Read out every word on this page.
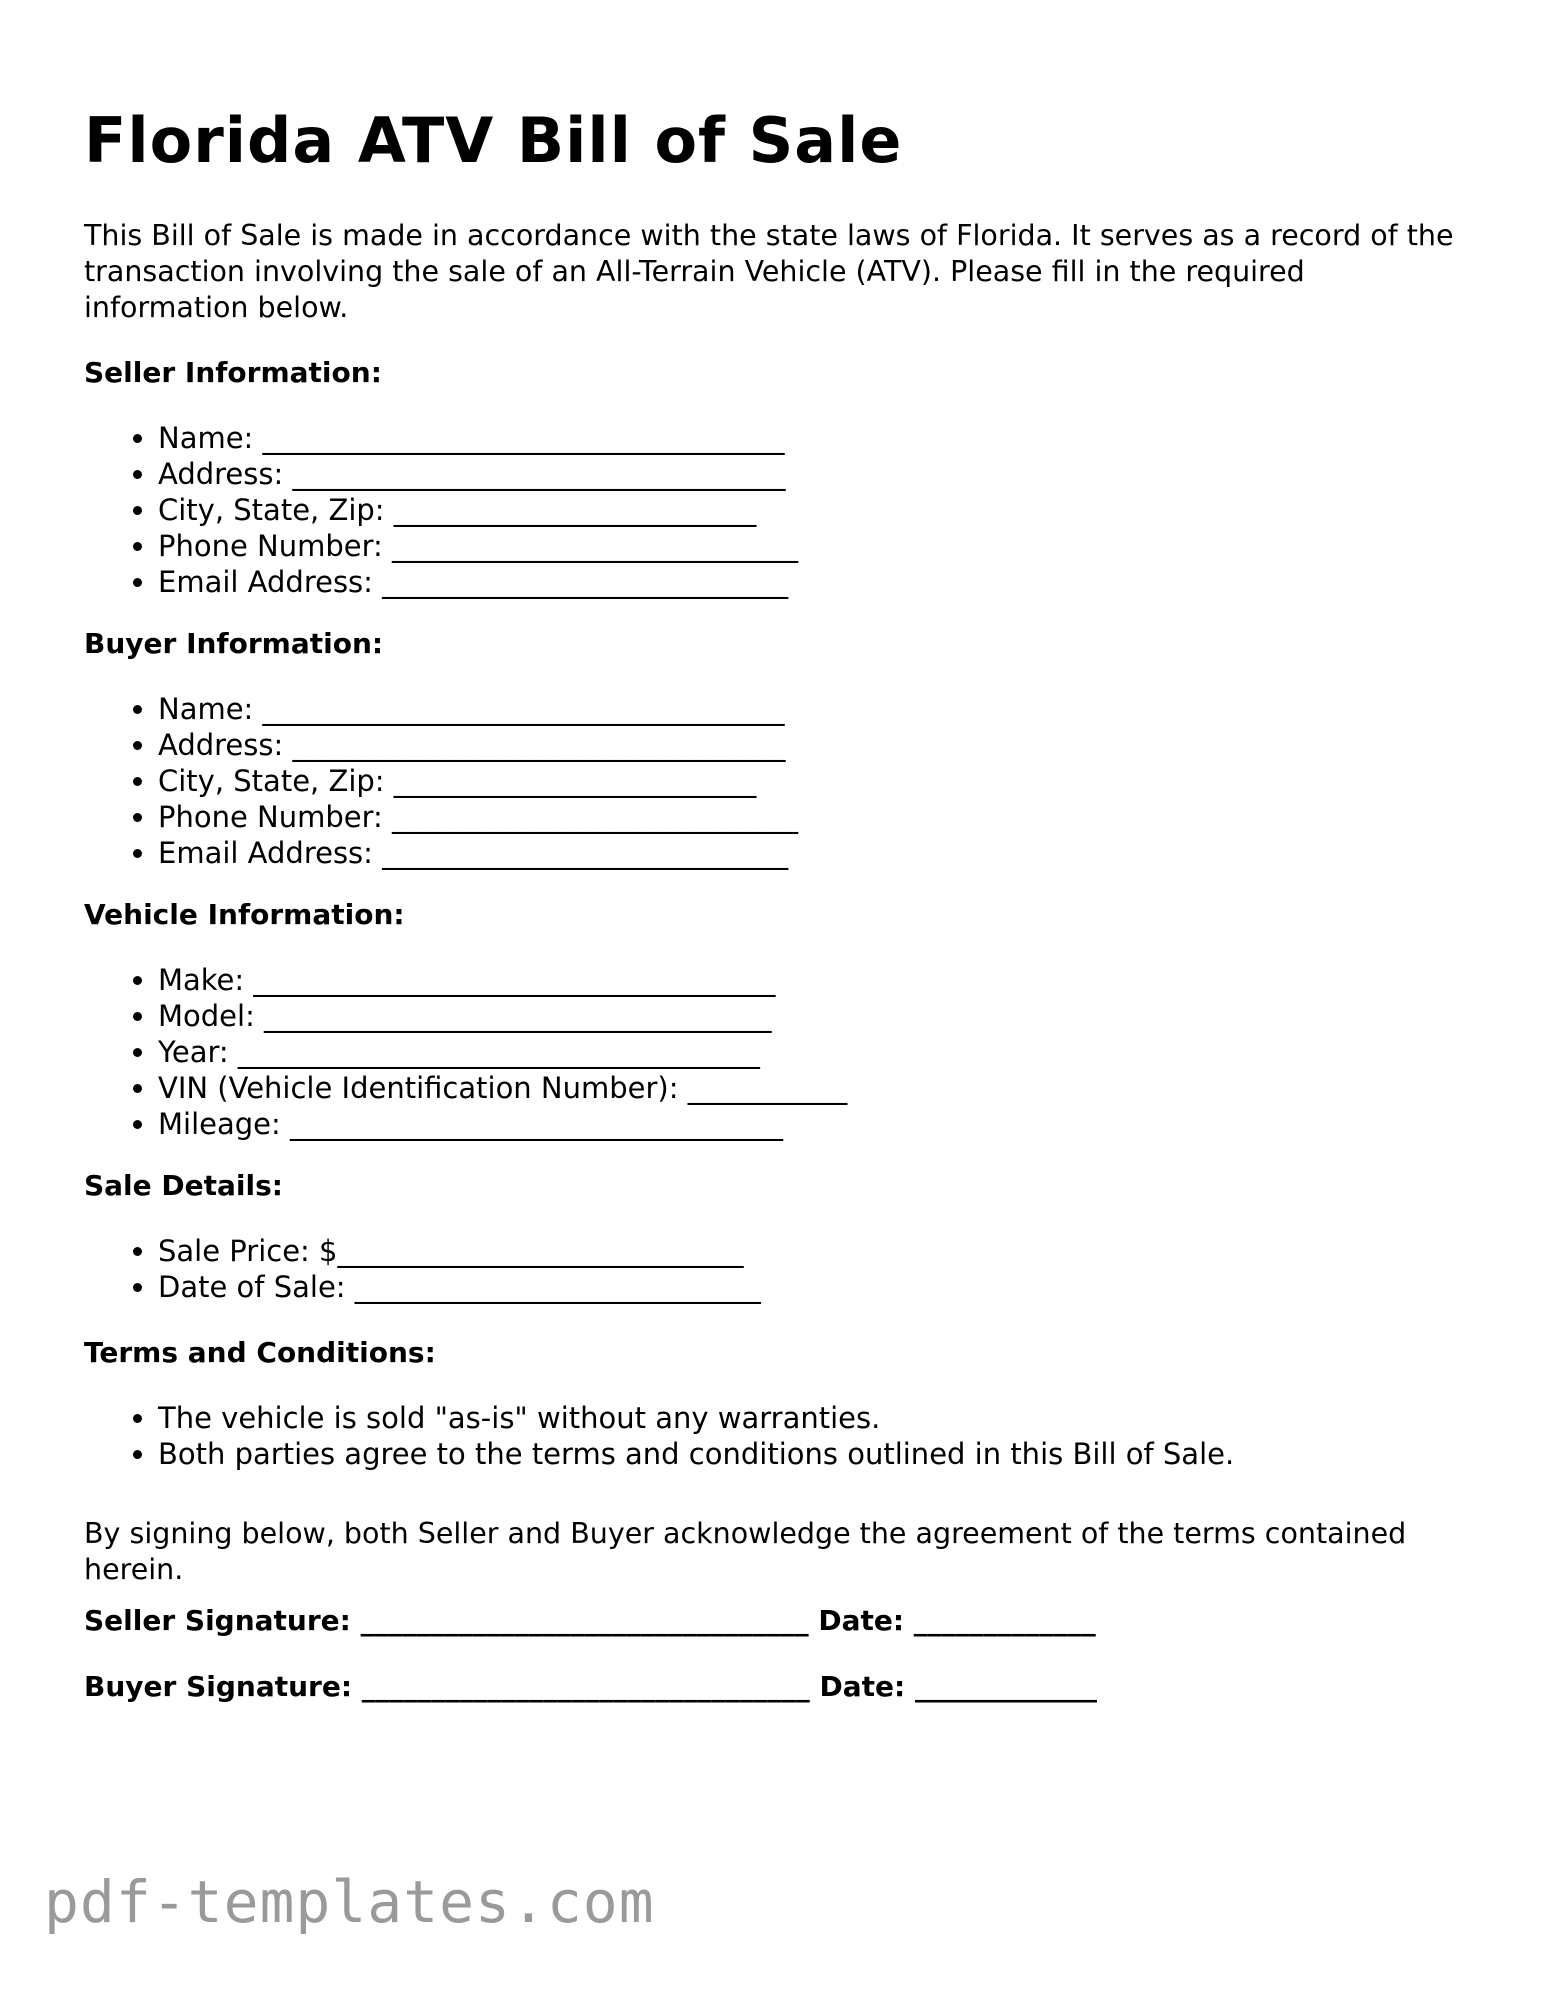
Florida ATV Bill of Sale

This Bill of Sale is made in accordance with the state laws of Florida. It serves as a record of the transaction involving the sale of an All-Terrain Vehicle (ATV). Please fill in the required information below.

Seller Information:

• Name: ____________________________________
• Address: __________________________________
• City, State, Zip: _________________________
• Phone Number: ____________________________
• Email Address: ____________________________

Buyer Information:

• Name: ____________________________________
• Address: __________________________________
• City, State, Zip: _________________________
• Phone Number: ____________________________
• Email Address: ____________________________

Vehicle Information:

• Make: ____________________________________
• Model: ___________________________________
• Year: ____________________________________
• VIN (Vehicle Identification Number): ___________
• Mileage: __________________________________

Sale Details:

• Sale Price: $____________________________
• Date of Sale: ____________________________

Terms and Conditions:

• The vehicle is sold "as-is" without any warranties.
• Both parties agree to the terms and conditions outlined in this Bill of Sale.

By signing below, both Seller and Buyer acknowledge the agreement of the terms contained herein.

Seller Signature: ________________________________ Date: _____________

Buyer Signature: ________________________________ Date: _____________

pdf-templates.com
